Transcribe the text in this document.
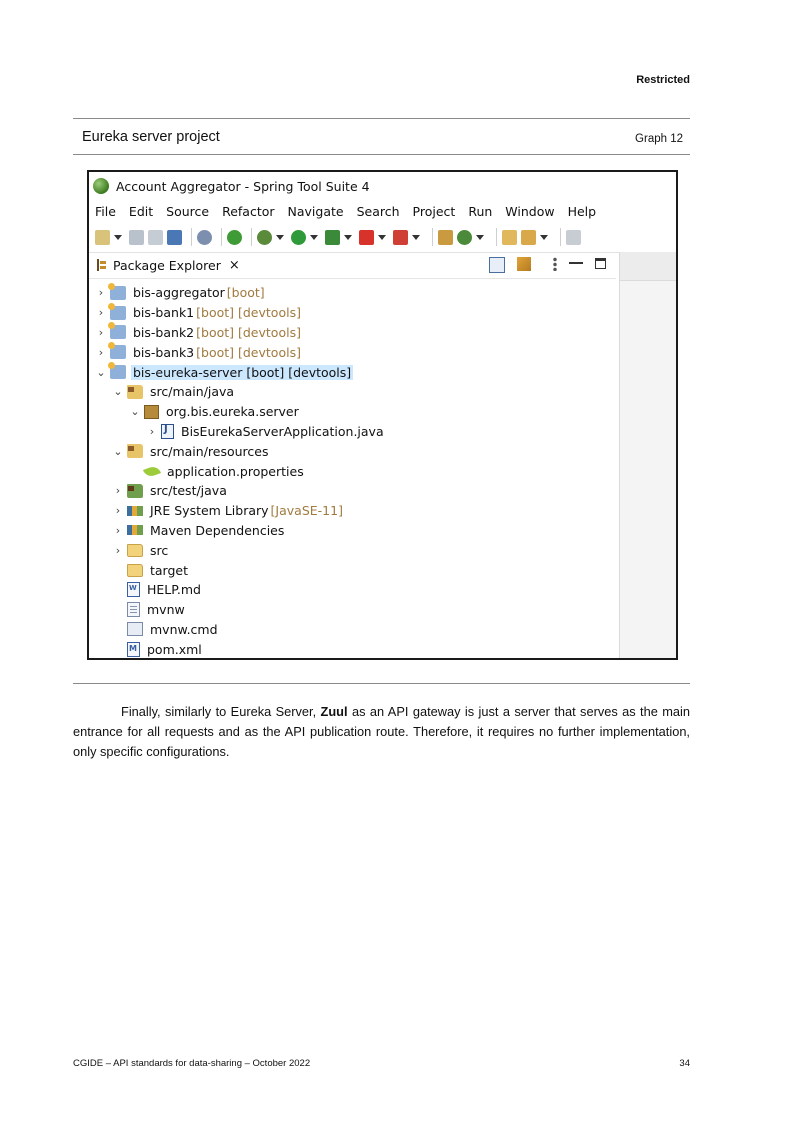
Restricted
Eureka server project	Graph 12
Account Aggregator - Spring Tool Suite 4
File Edit Source Refactor Navigate Search Project Run Window Help
Package Explorer ×
›	bis-aggregator [boot]
›	bis-bank1 [boot] [devtools]
›	bis-bank2 [boot] [devtools]
›	bis-bank3 [boot] [devtools]
⌄ bis-eureka-server [boot] [devtools]
⌄ src/main/java
⌄ org.bis.eureka.server
›
J	BisEurekaServerApplication.java
⌄ src/main/resources
application.properties
›	src/test/java
›	JRE System Library [JavaSE-11]
›	Maven Dependencies
›	src
target
W
HELP.md
mvnw
mvnw.cmd
M
pom.xml

Finally, similarly to Eureka Server, Zuul as an API gateway is just a server that serves as the main entrance for all requests and as the API publication route. Therefore, it requires no further implementation, only specific configurations.

CGIDE – API standards for data-sharing – October 2022	34
